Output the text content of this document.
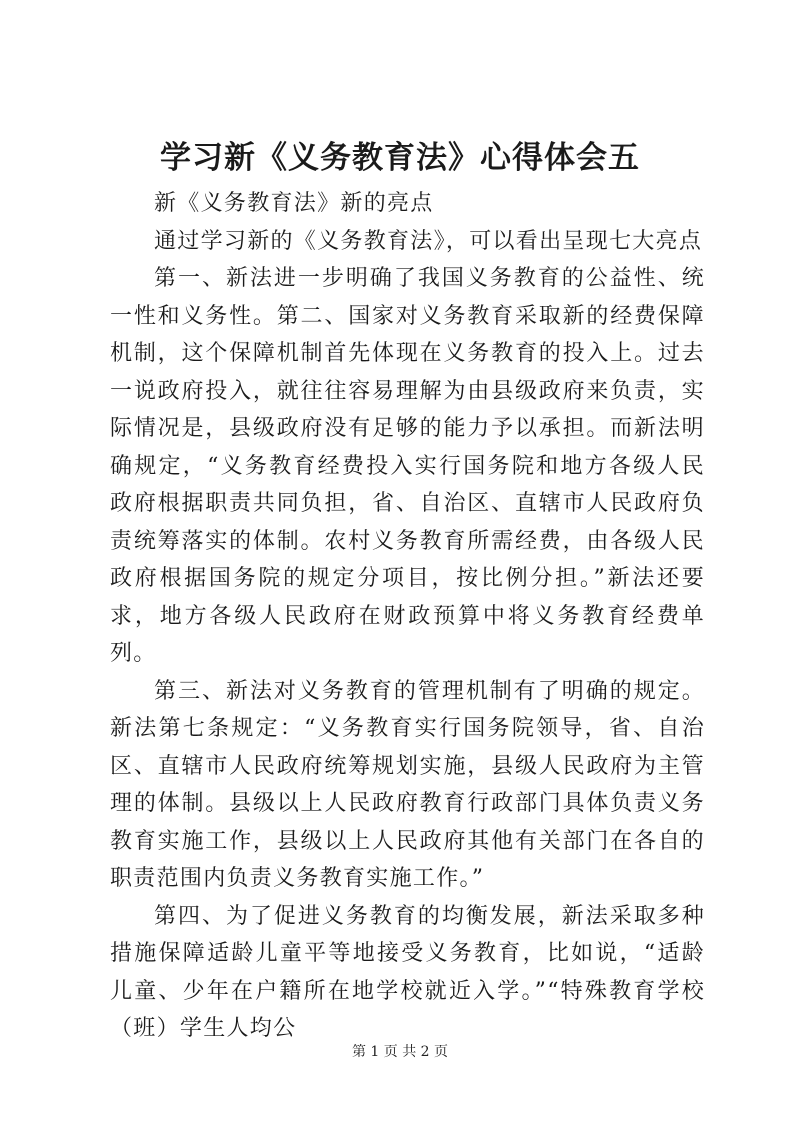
学习新《义务教育法》心得体会五

新《义务教育法》新的亮点

通过学习新的《义务教育法》，可以看出呈现七大亮点

第一、新法进一步明确了我国义务教育的公益性、统一性和义务性。第二、国家对义务教育采取新的经费保障机制，这个保障机制首先体现在义务教育的投入上。过去一说政府投入，就往往容易理解为由县级政府来负责，实际情况是，县级政府没有足够的能力予以承担。而新法明确规定，“义务教育经费投入实行国务院和地方各级人民政府根据职责共同负担，省、自治区、直辖市人民政府负责统筹落实的体制。农村义务教育所需经费，由各级人民政府根据国务院的规定分项目，按比例分担。”新法还要求，地方各级人民政府在财政预算中将义务教育经费单列。

第三、新法对义务教育的管理机制有了明确的规定。新法第七条规定：“义务教育实行国务院领导，省、自治区、直辖市人民政府统筹规划实施，县级人民政府为主管理的体制。县级以上人民政府教育行政部门具体负责义务教育实施工作，县级以上人民政府其他有关部门在各自的职责范围内负责义务教育实施工作。”

第四、为了促进义务教育的均衡发展，新法采取多种措施保障适龄儿童平等地接受义务教育，比如说，“适龄儿童、少年在户籍所在地学校就近入学。”“特殊教育学校（班）学生人均公

第 1 页 共 2 页
